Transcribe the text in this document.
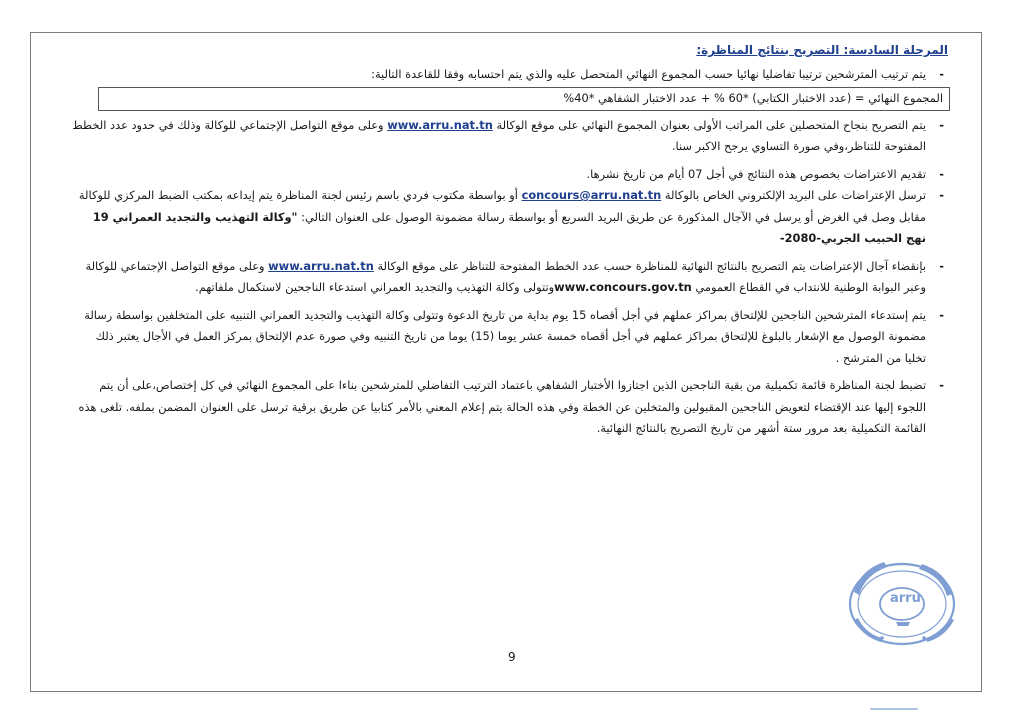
المرحلة السادسة: التصريح بنتائج المناظرة:

- يتم ترتيب المترشحين ترتيبا تفاضليا نهائيا حسب المجموع النهائي المتحصل عليه والذي يتم احتسابه وفقا للقاعدة التالية:

المجموع النهائي = (عدد الاختبار الكتابي) *60 % + عدد الاختبار الشفاهي *40%

- يتم التصريح بنجاح المتحصلين على المراتب الأولى بعنوان المجموع النهائي على موقع الوكالة www.arru.nat.tn وعلى موقع التواصل الإجتماعي للوكالة وذلك في حدود عدد الخطط المفتوحة للتناظر،وفي صورة التساوي يرجح الاكبر سنا.

- تقديم الاعتراضات بخصوص هذه النتائج في أجل 07 أيام من تاريخ نشرها.

- ترسل الإعتراضات على البريد الإلكتروني الخاص بالوكالة concours@arru.nat.tn أو بواسطة مكتوب فردي باسم رئيس لجنة المناظرة يتم إيداعه بمكتب الضبط المركزي للوكالة مقابل وصل في الغرض أو يرسل في الآجال المذكورة عن طريق البريد السريع أو بواسطة رسالة مضمونة الوصول على العنوان التالي: "وكالة التهذيب والتجديد العمراني 19 نهج الحبيب الجربي-2080-

- بإنقضاء آجال الإعتراضات يتم التصريح بالنتائج النهائية للمناظرة حسب عدد الخطط المفتوحة للتناظر على موقع الوكالة www.arru.nat.tn وعلى موقع التواصل الإجتماعي للوكالة وعبر البوابة الوطنية للانتداب في القطاع العمومي www.concours.gov.tnوتتولى وكالة التهذيب والتجديد العمراني استدعاء الناجحين لاستكمال ملفاتهم.

- يتم إستدعاء المترشحين الناجحين للإلتحاق بمراكز عملهم في أجل أقصاه 15 يوم بداية من تاريخ الدعوة وتتولى وكالة التهذيب والتجديد العمراني التنبيه على المتخلفين بواسطة رسالة مضمونة الوصول مع الإشعار بالبلوغ للإلتحاق بمراكز عملهم في أجل أقصاه خمسة عشر يوما (15) يوما من تاريخ التنبيه وفي صورة عدم الإلتحاق بمركز العمل في الأجال يعتبر ذلك تخليا من المترشح .

- تضبط لجنة المناظرة قائمة تكميلية من بقية الناجحين الذين اجتازوا الأختبار الشفاهي باعتماد الترتيب التفاضلي للمترشحين بناءا على المجموع النهائي في كل إختصاص،على أن يتم اللجوء إليها عند الإقتضاء لتعويض الناجحين المقبولين والمتخلين عن الخطة وفي هذه الحالة يتم إعلام المعني بالأمر كتابيا عن طريق برقية ترسل على العنوان المضمن بملفه. تلغى هذه القائمة التكميلية بعد مرور ستة أشهر من تاريخ التصريح بالنتائج النهائية.

arru
9
